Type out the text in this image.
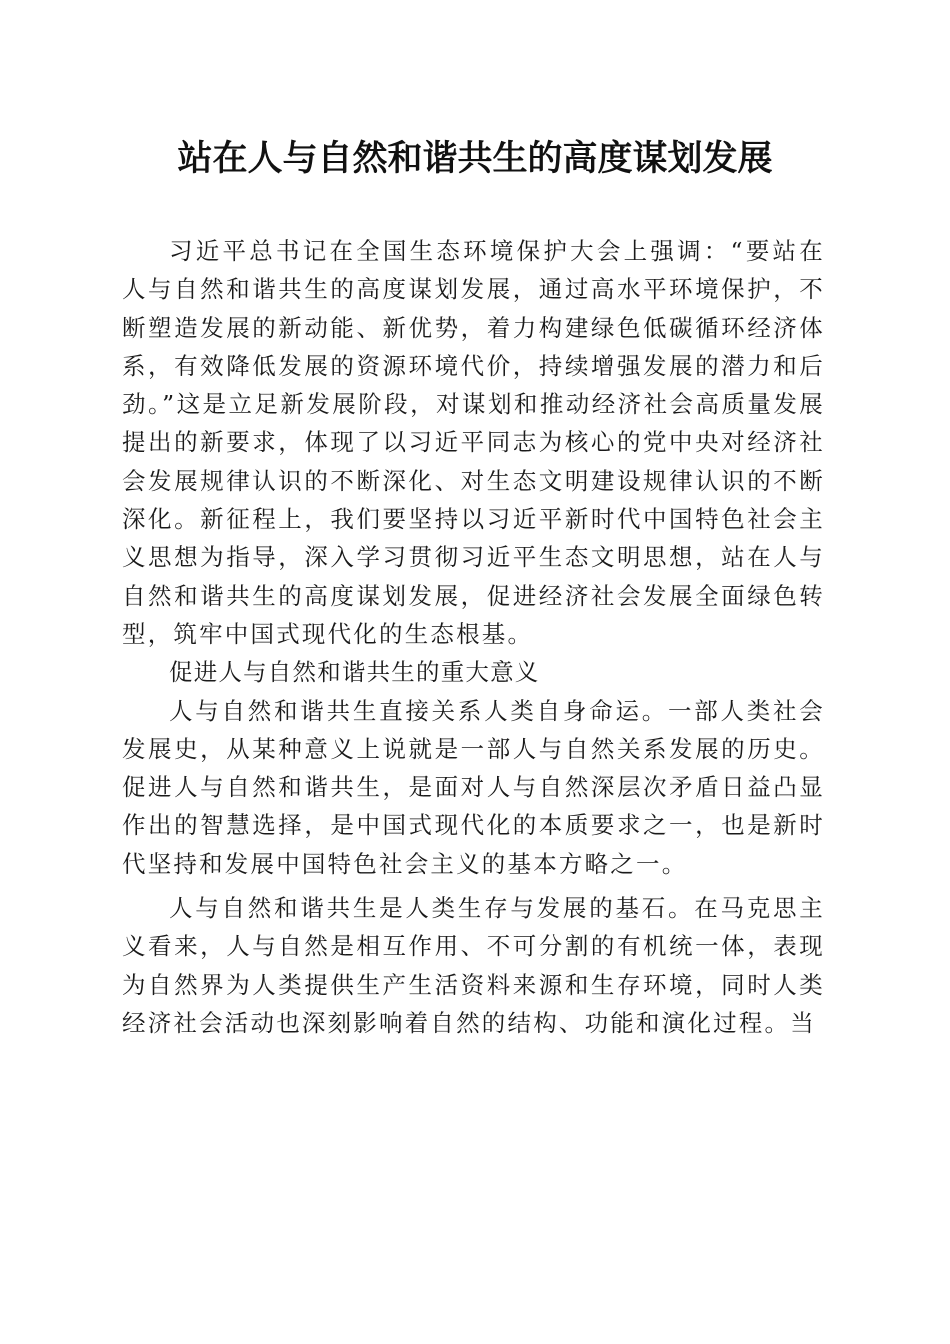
站在人与自然和谐共生的高度谋划发展

习近平总书记在全国生态环境保护大会上强调：“要站在人与自然和谐共生的高度谋划发展，通过高水平环境保护，不断塑造发展的新动能、新优势，着力构建绿色低碳循环经济体系，有效降低发展的资源环境代价，持续增强发展的潜力和后劲。”这是立足新发展阶段，对谋划和推动经济社会高质量发展提出的新要求，体现了以习近平同志为核心的党中央对经济社会发展规律认识的不断深化、对生态文明建设规律认识的不断深化。新征程上，我们要坚持以习近平新时代中国特色社会主义思想为指导，深入学习贯彻习近平生态文明思想，站在人与自然和谐共生的高度谋划发展，促进经济社会发展全面绿色转型，筑牢中国式现代化的生态根基。

促进人与自然和谐共生的重大意义

人与自然和谐共生直接关系人类自身命运。一部人类社会发展史，从某种意义上说就是一部人与自然关系发展的历史。促进人与自然和谐共生，是面对人与自然深层次矛盾日益凸显作出的智慧选择，是中国式现代化的本质要求之一，也是新时代坚持和发展中国特色社会主义的基本方略之一。

人与自然和谐共生是人类生存与发展的基石。在马克思主义看来，人与自然是相互作用、不可分割的有机统一体，表现为自然界为人类提供生产生活资料来源和生存环境，同时人类经济社会活动也深刻影响着自然的结构、功能和演化过程。当
